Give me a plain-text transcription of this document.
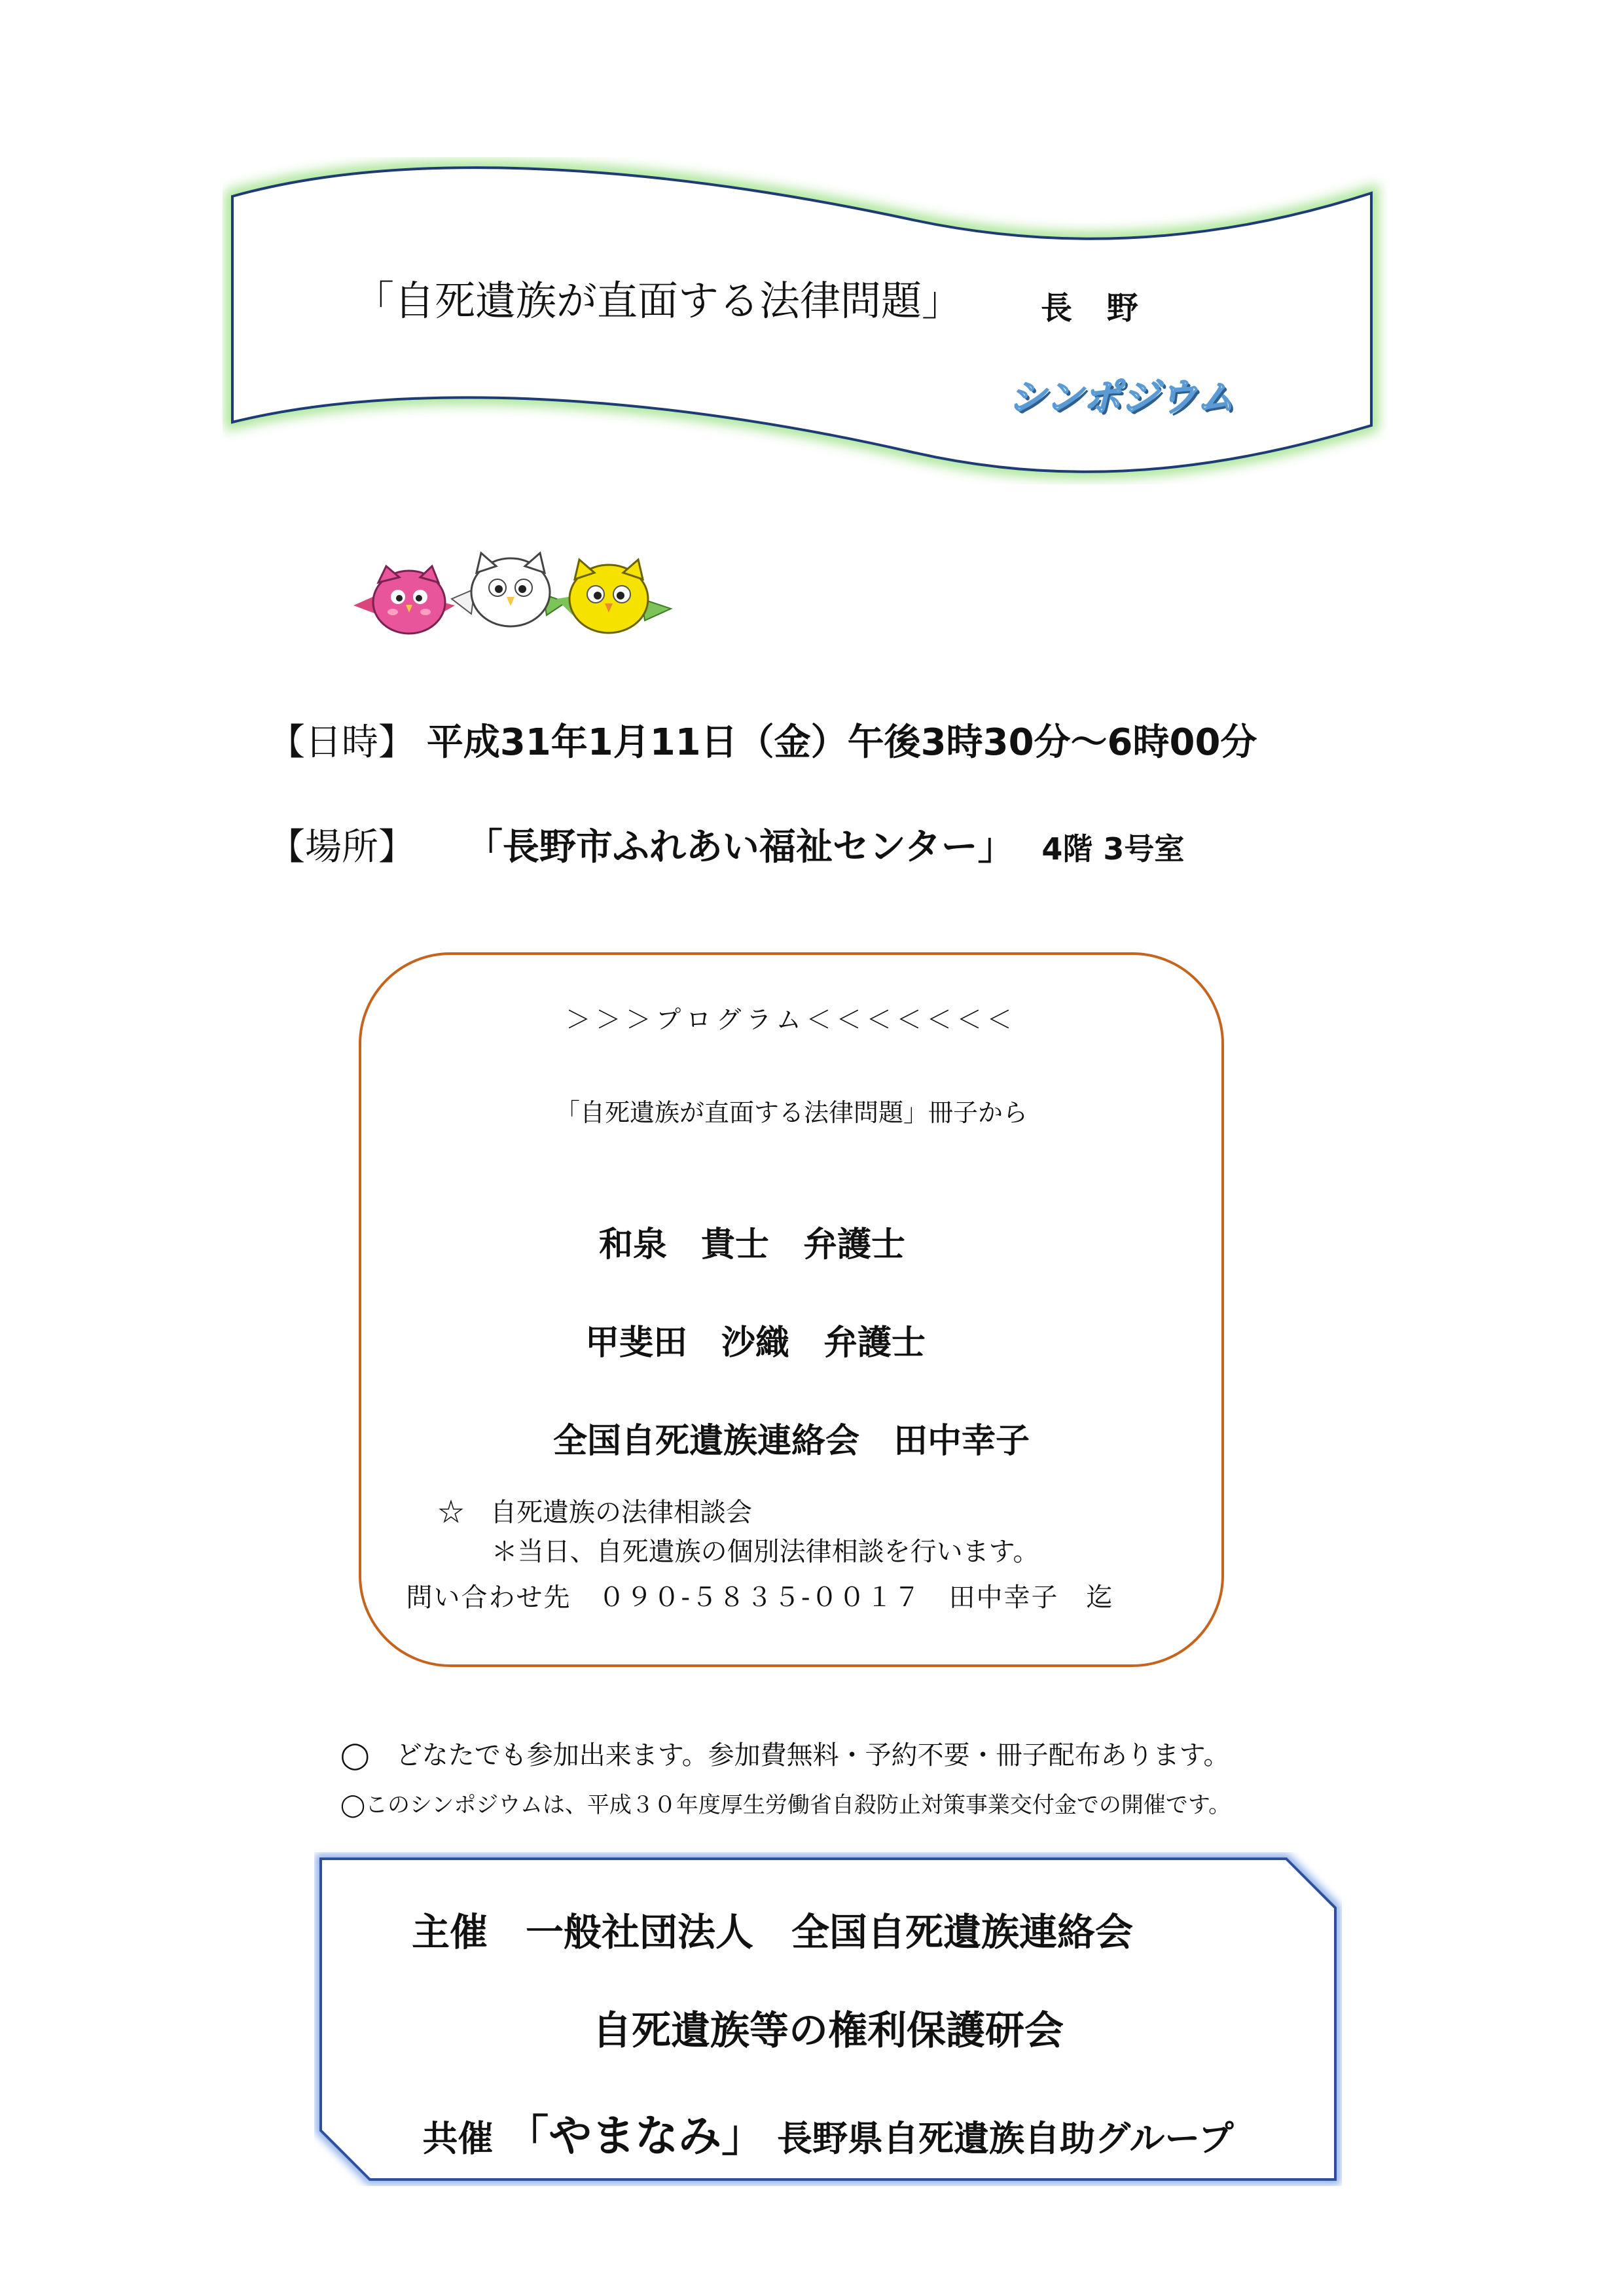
「自死遺族が直面する法律問題」 長 野
シンポジウム
【日時】 平成31年1月11日（金）午後3時30分～6時00分
【場所】 「長野市ふれあい福祉センター」 4階 3号室
＞＞＞プログラム＜＜＜＜＜＜＜
「自死遺族が直面する法律問題」冊子から
和泉　貴士　弁護士
甲斐田　沙織　弁護士
全国自死遺族連絡会　田中幸子
☆　自死遺族の法律相談会
＊当日、自死遺族の個別法律相談を行います。
問い合わせ先　０９０-５８３５-００１７　田中幸子　迄
◯　どなたでも参加出来ます。参加費無料・予約不要・冊子配布あります。
◯このシンポジウムは、平成３０年度厚生労働省自殺防止対策事業交付金での開催です。
主催　一般社団法人　全国自死遺族連絡会
自死遺族等の権利保護研会
共催 「やまなみ」 長野県自死遺族自助グループ
